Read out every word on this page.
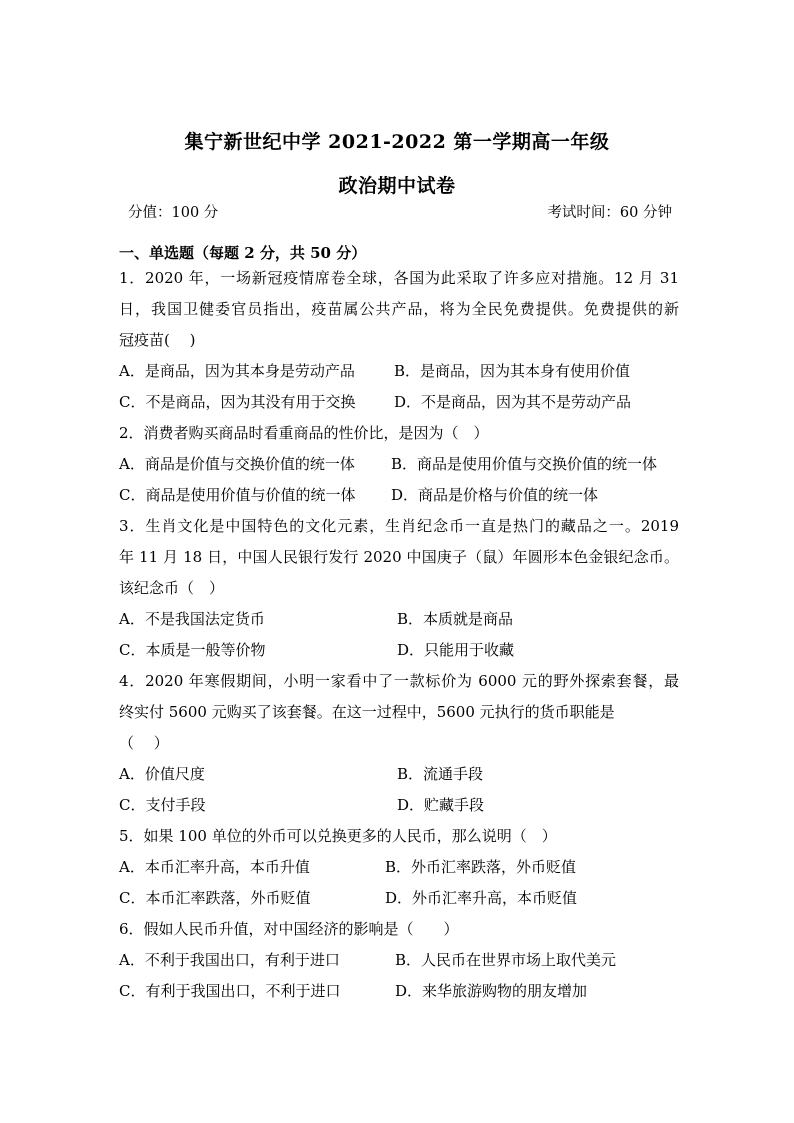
集宁新世纪中学 2021-2022 第一学期高一年级
政治期中试卷
分值：100 分	考试时间：60 分钟
一、单选题（每题 2 分，共 50 分）
1．2020 年，一场新冠疫情席卷全球，各国为此采取了许多应对措施。12 月 31
日，我国卫健委官员指出，疫苗属公共产品，将为全民免费提供。免费提供的新
冠疫苗(　 )
A．是商品，因为其本身是劳动产品	B．是商品，因为其本身有使用价值
C．不是商品，因为其没有用于交换	D．不是商品，因为其不是劳动产品
2．消费者购买商品时看重商品的性价比，是因为（　）
A．商品是价值与交换价值的统一体 B．商品是使用价值与交换价值的统一体
C．商品是使用价值与价值的统一体 D．商品是价格与价值的统一体
3．生肖文化是中国特色的文化元素，生肖纪念币一直是热门的藏品之一。2019
年 11 月 18 日，中国人民银行发行 2020 中国庚子（鼠）年圆形本色金银纪念币。
该纪念币（　）
A．不是我国法定货币	B．本质就是商品
C．本质是一般等价物	D．只能用于收藏
4．2020 年寒假期间，小明一家看中了一款标价为 6000 元的野外探索套餐，最
终实付 5600 元购买了该套餐。在这一过程中，5600 元执行的货币职能是
（　 ）
A．价值尺度	B．流通手段
C．支付手段	D．贮藏手段
5．如果 100 单位的外币可以兑换更多的人民币，那么说明（　）
A．本币汇率升高，本币升值	B．外币汇率跌落，外币贬值
C．本币汇率跌落，外币贬值	D．外币汇率升高，本币贬值
6．假如人民币升值，对中国经济的影响是（　　）
A．不利于我国出口，有利于进口	B．人民币在世界市场上取代美元
C．有利于我国出口，不利于进口	D．来华旅游购物的朋友增加
